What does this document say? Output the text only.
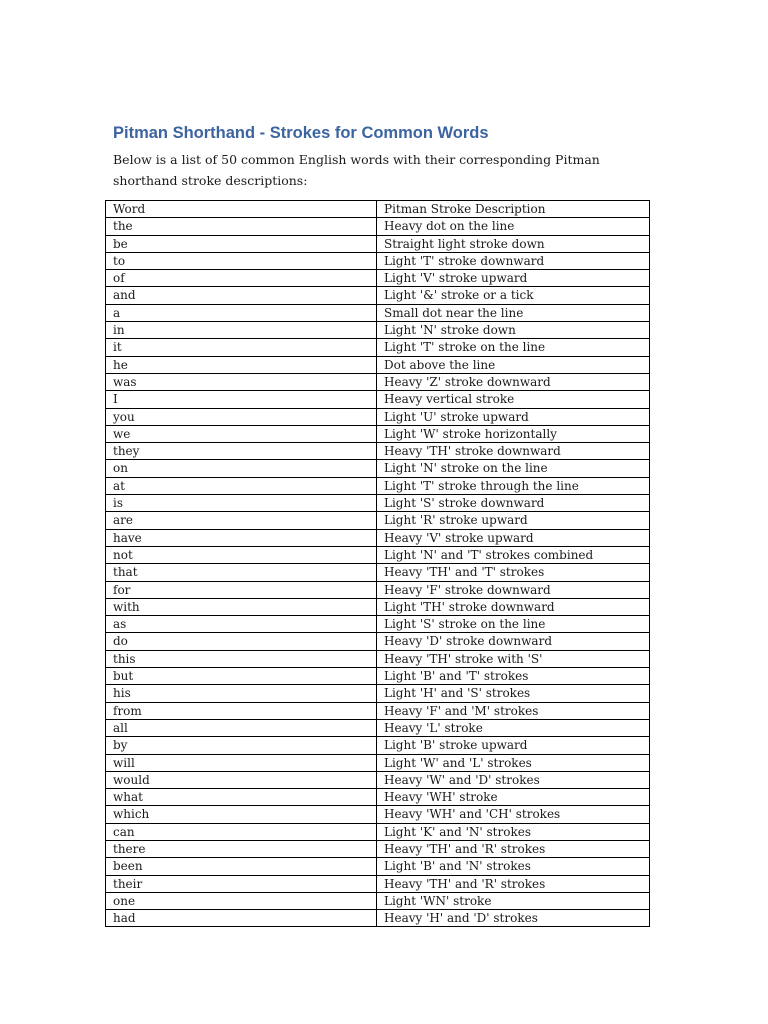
Pitman Shorthand - Strokes for Common Words

Below is a list of 50 common English words with their corresponding Pitman shorthand stroke descriptions:

Word	Pitman Stroke Description
the	Heavy dot on the line
be	Straight light stroke down
to	Light 'T' stroke downward
of	Light 'V' stroke upward
and	Light '&' stroke or a tick
a	Small dot near the line
in	Light 'N' stroke down
it	Light 'T' stroke on the line
he	Dot above the line
was	Heavy 'Z' stroke downward
I	Heavy vertical stroke
you	Light 'U' stroke upward
we	Light 'W' stroke horizontally
they	Heavy 'TH' stroke downward
on	Light 'N' stroke on the line
at	Light 'T' stroke through the line
is	Light 'S' stroke downward
are	Light 'R' stroke upward
have	Heavy 'V' stroke upward
not	Light 'N' and 'T' strokes combined
that	Heavy 'TH' and 'T' strokes
for	Heavy 'F' stroke downward
with	Light 'TH' stroke downward
as	Light 'S' stroke on the line
do	Heavy 'D' stroke downward
this	Heavy 'TH' stroke with 'S'
but	Light 'B' and 'T' strokes
his	Light 'H' and 'S' strokes
from	Heavy 'F' and 'M' strokes
all	Heavy 'L' stroke
by	Light 'B' stroke upward
will	Light 'W' and 'L' strokes
would	Heavy 'W' and 'D' strokes
what	Heavy 'WH' stroke
which	Heavy 'WH' and 'CH' strokes
can	Light 'K' and 'N' strokes
there	Heavy 'TH' and 'R' strokes
been	Light 'B' and 'N' strokes
their	Heavy 'TH' and 'R' strokes
one	Light 'WN' stroke
had	Heavy 'H' and 'D' strokes
